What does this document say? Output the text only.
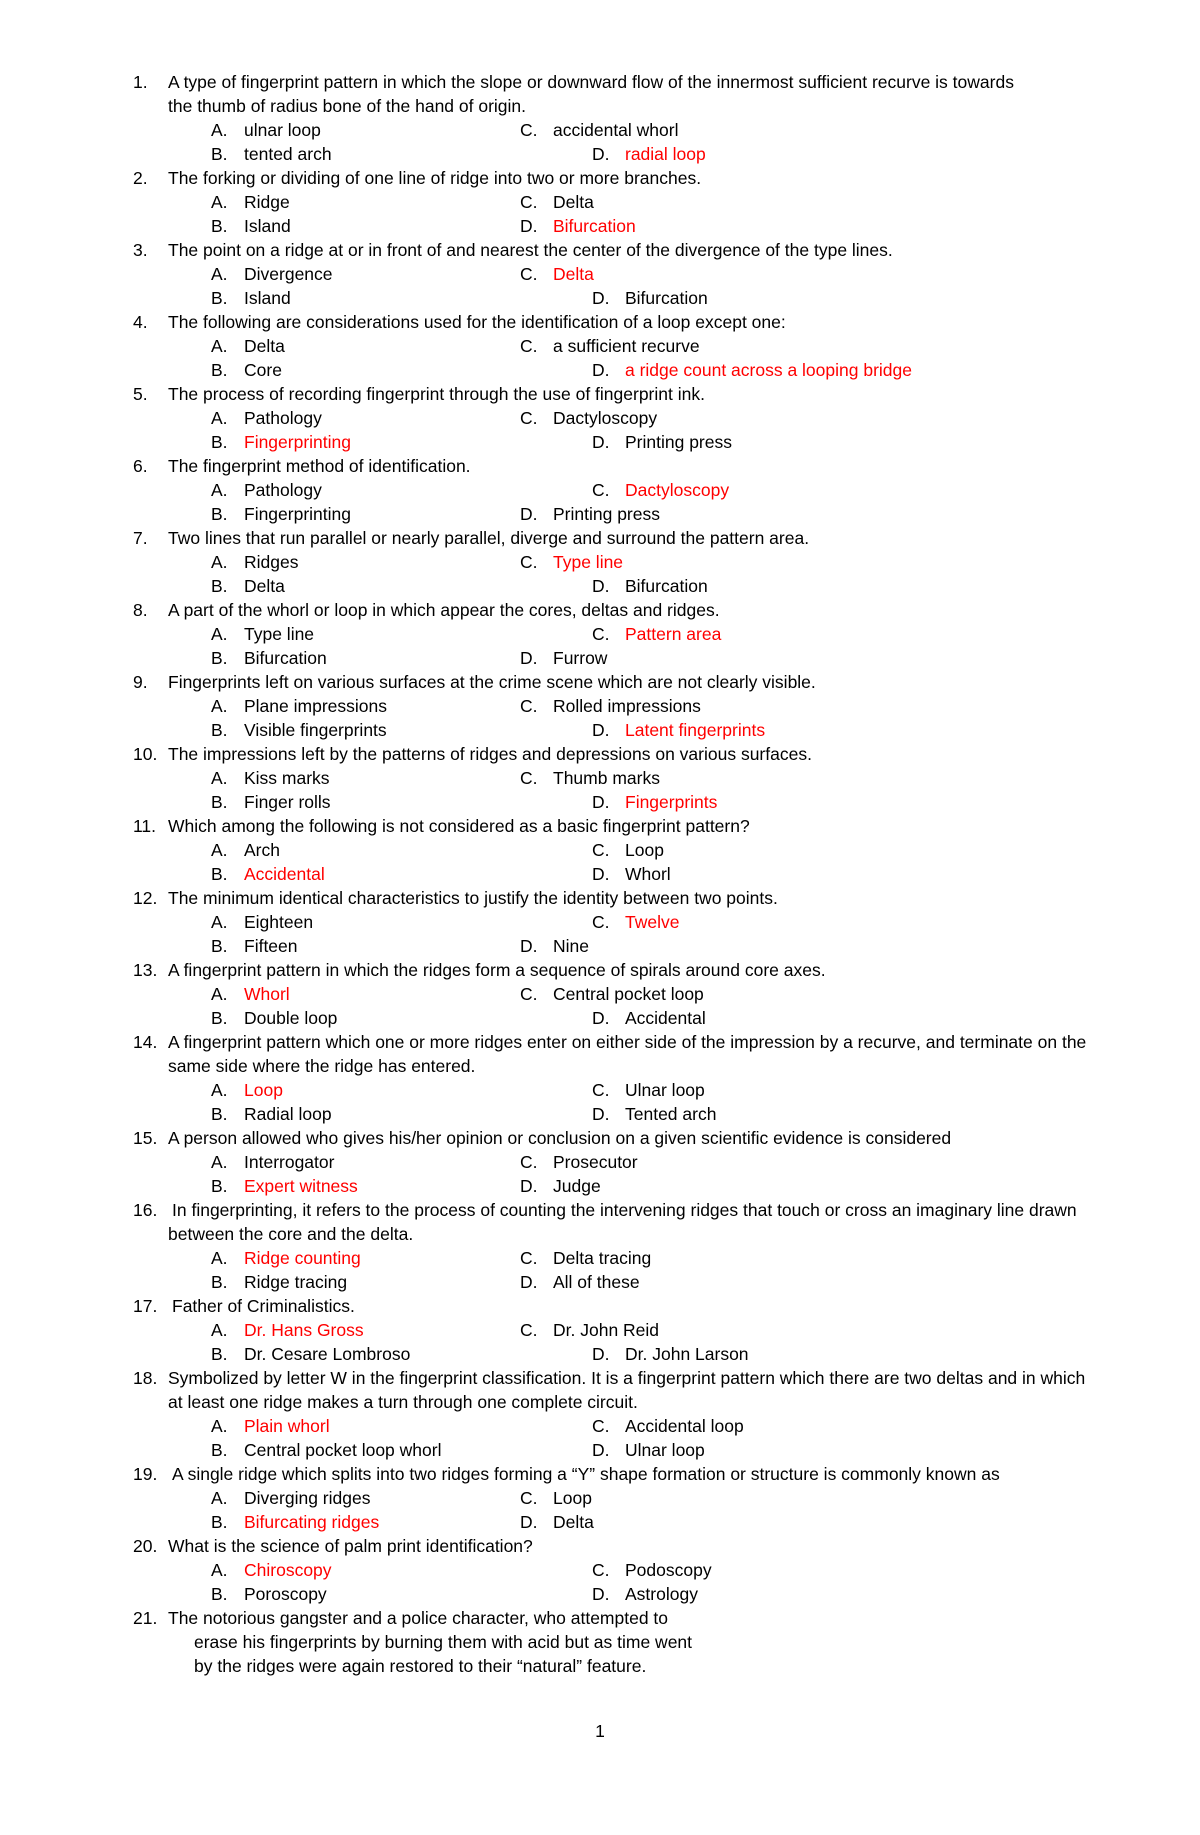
1.	A type of fingerprint pattern in which the slope or downward flow of the innermost sufficient recurve is towards
the thumb of radius bone of the hand of origin.
A. ulnar loop	C. accidental whorl
B. tented arch	D. radial loop
2.	The forking or dividing of one line of ridge into two or more branches.
A. Ridge	C. Delta
B. Island	D. Bifurcation
3.	The point on a ridge at or in front of and nearest the center of the divergence of the type lines.
A. Divergence	C. Delta
B. Island	D. Bifurcation
4.	The following are considerations used for the identification of a loop except one:
A. Delta	C. a sufficient recurve
B. Core	D. a ridge count across a looping bridge
5.	The process of recording fingerprint through the use of fingerprint ink.
A. Pathology	C. Dactyloscopy
B. Fingerprinting	D. Printing press
6.	The fingerprint method of identification.
A. Pathology	C. Dactyloscopy
B. Fingerprinting	D. Printing press
7.	Two lines that run parallel or nearly parallel, diverge and surround the pattern area.
A. Ridges	C. Type line
B. Delta	D. Bifurcation
8.	A part of the whorl or loop in which appear the cores, deltas and ridges.
A. Type line	C. Pattern area
B. Bifurcation	D. Furrow
9.	Fingerprints left on various surfaces at the crime scene which are not clearly visible.
A. Plane impressions	C. Rolled impressions
B. Visible fingerprints	D. Latent fingerprints
10. The impressions left by the patterns of ridges and depressions on various surfaces.
A. Kiss marks	C. Thumb marks
B. Finger rolls	D. Fingerprints
11. Which among the following is not considered as a basic fingerprint pattern?
A. Arch	C. Loop
B. Accidental	D. Whorl
12. The minimum identical characteristics to justify the identity between two points.
A. Eighteen	C. Twelve
B. Fifteen	D. Nine
13. A fingerprint pattern in which the ridges form a sequence of spirals around core axes.
A. Whorl	C. Central pocket loop
B. Double loop	D. Accidental
14. A fingerprint pattern which one or more ridges enter on either side of the impression by a recurve, and terminate on the
same side where the ridge has entered.
A. Loop	C. Ulnar loop
B. Radial loop	D. Tented arch
15. A person allowed who gives his/her opinion or conclusion on a given scientific evidence is considered
A. Interrogator	C. Prosecutor
B. Expert witness	D. Judge
16. In fingerprinting, it refers to the process of counting the intervening ridges that touch or cross an imaginary line drawn
between the core and the delta.
A. Ridge counting	C. Delta tracing
B. Ridge tracing	D. All of these
17. Father of Criminalistics.
A. Dr. Hans Gross	C. Dr. John Reid
B. Dr. Cesare Lombroso	D. Dr. John Larson
18. Symbolized by letter W in the fingerprint classification. It is a fingerprint pattern which there are two deltas and in which
at least one ridge makes a turn through one complete circuit.
A. Plain whorl	C. Accidental loop
B. Central pocket loop whorl	D. Ulnar loop
19. A single ridge which splits into two ridges forming a “Y” shape formation or structure is commonly known as
A. Diverging ridges	C. Loop
B. Bifurcating ridges	D. Delta
20. What is the science of palm print identification?
A. Chiroscopy	C. Podoscopy
B. Poroscopy	D. Astrology
21. The notorious gangster and a police character, who attempted to
erase his fingerprints by burning them with acid but as time went
by the ridges were again restored to their “natural” feature.
1
